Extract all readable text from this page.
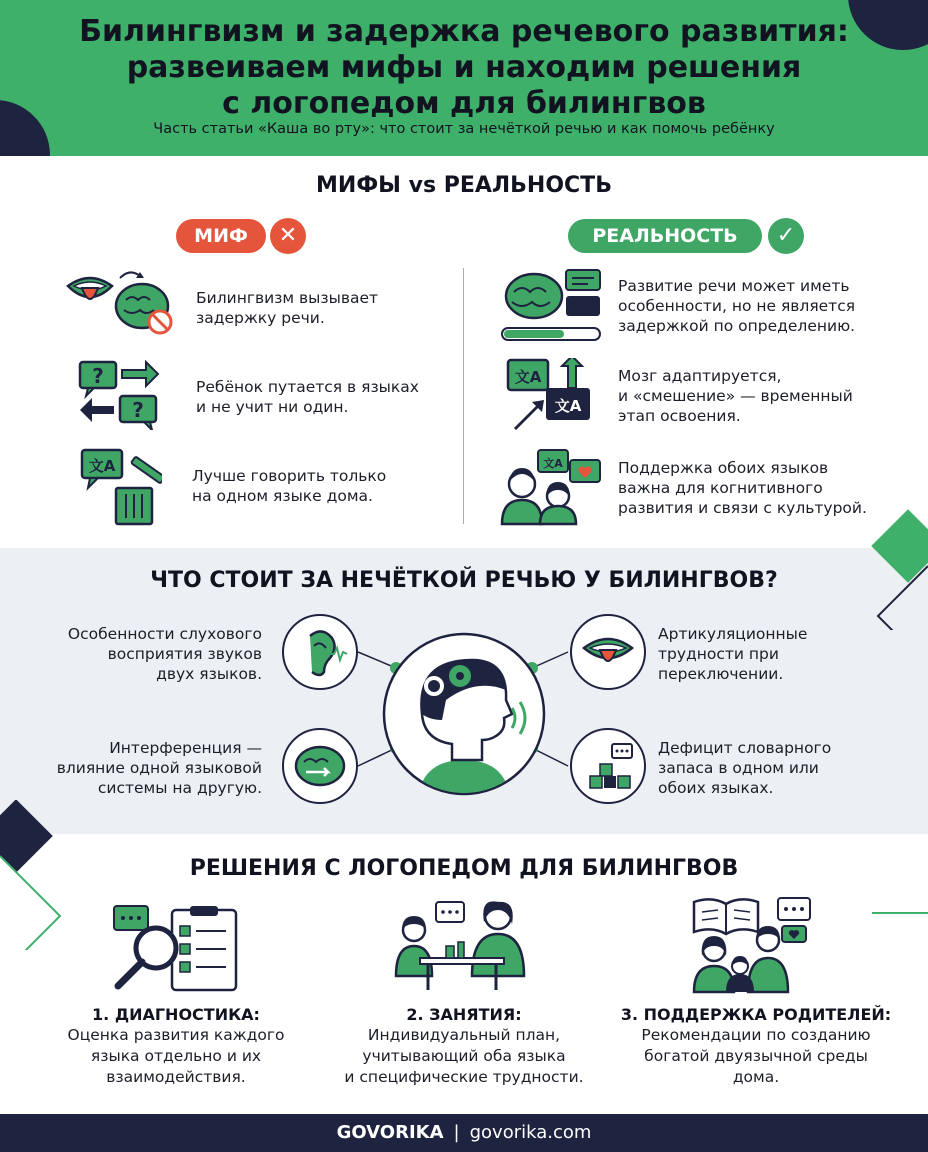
Билингвизм и задержка речевого развития:
развеиваем мифы и находим решения
с логопедом для билингвов
Часть статьи «Каша во рту»: что стоит за нечёткой речью и как помочь ребёнку
МИФЫ vs РЕАЛЬНОСТЬ
МИФ	✕	РЕАЛЬНОСТЬ	✓
Билингвизм вызывает
задержку речи.
?
?
Ребёнок путается в языках
и не учит ни один.
文A
Лучше говорить только
на одном языке дома.
Развитие речи может иметь
особенности, но не является
задержкой по определению.
文A
文A
Мозг адаптируется,
и «смешение» — временный
этап освоения.
文A	Поддержка обоих языков
важна для когнитивного
развития и связи с культурой.
ЧТО СТОИТ ЗА НЕЧЁТКОЙ РЕЧЬЮ У БИЛИНГВОВ?
Особенности слухового
восприятия звуков
двух языков.
Интерференция —
влияние одной языковой
системы на другую.
Артикуляционные
трудности при
переключении.
Дефицит словарного
запаса в одном или
обоих языках.
РЕШЕНИЯ С ЛОГОПЕДОМ ДЛЯ БИЛИНГВОВ
1. ДИАГНОСТИКА:
Оценка развития каждого
языка отдельно и их
взаимодействия.
2. ЗАНЯТИЯ:
Индивидуальный план,
учитывающий оба языка
и специфические трудности.
3. ПОДДЕРЖКА РОДИТЕЛЕЙ:
Рекомендации по созданию
богатой двуязычной среды
дома.
GOVORIKA | govorika.com
